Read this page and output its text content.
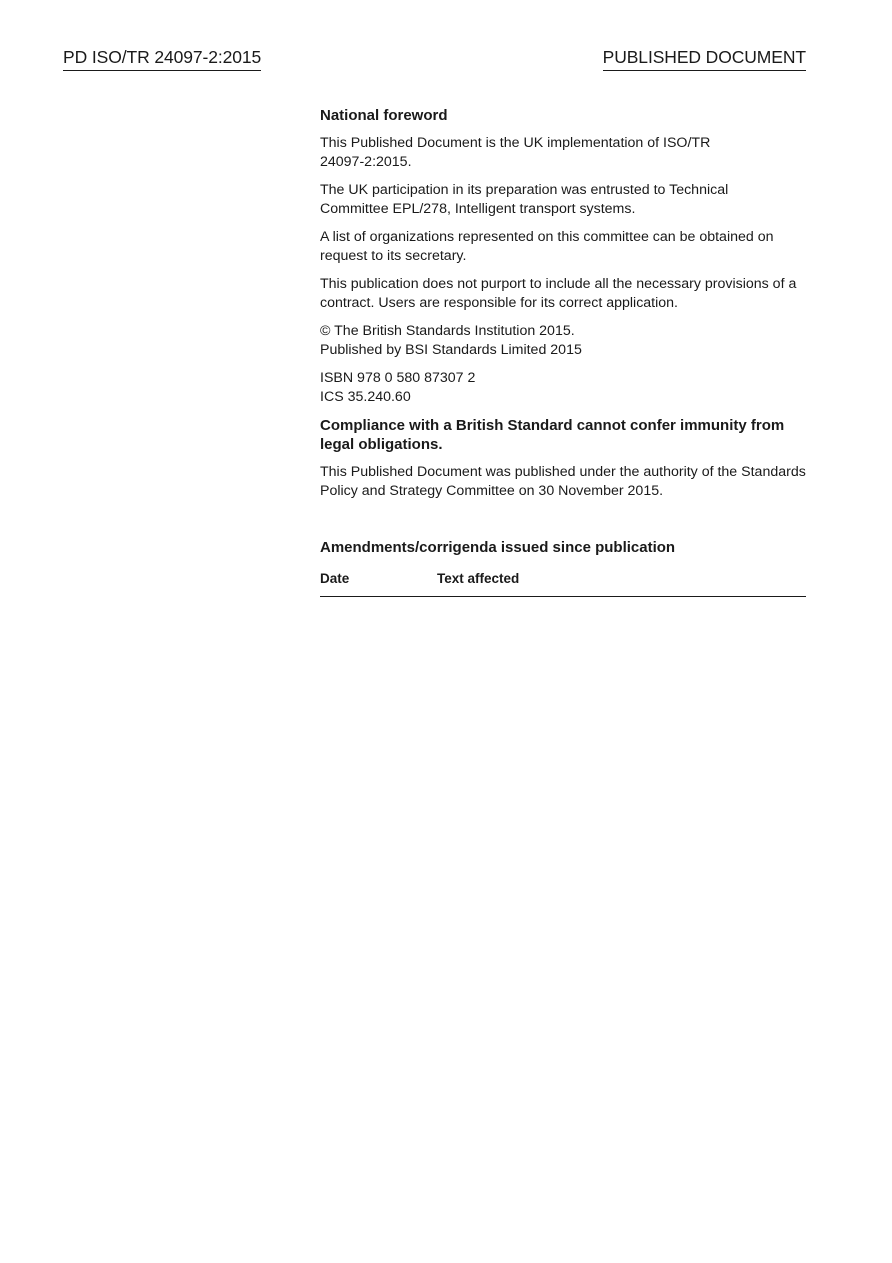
PD ISO/TR 24097-2:2015	PUBLISHED DOCUMENT

National foreword

This Published Document is the UK implementation of ISO/TR 24097-2:2015.

The UK participation in its preparation was entrusted to Technical Committee EPL/278, Intelligent transport systems.

A list of organizations represented on this committee can be obtained on request to its secretary.

This publication does not purport to include all the necessary provisions of a contract. Users are responsible for its correct application.

© The British Standards Institution 2015.
Published by BSI Standards Limited 2015

ISBN 978 0 580 87307 2
ICS 35.240.60

Compliance with a British Standard cannot confer immunity from legal obligations.

This Published Document was published under the authority of the Standards Policy and Strategy Committee on 30 November 2015.

Amendments/corrigenda issued since publication
Date	Text affected
